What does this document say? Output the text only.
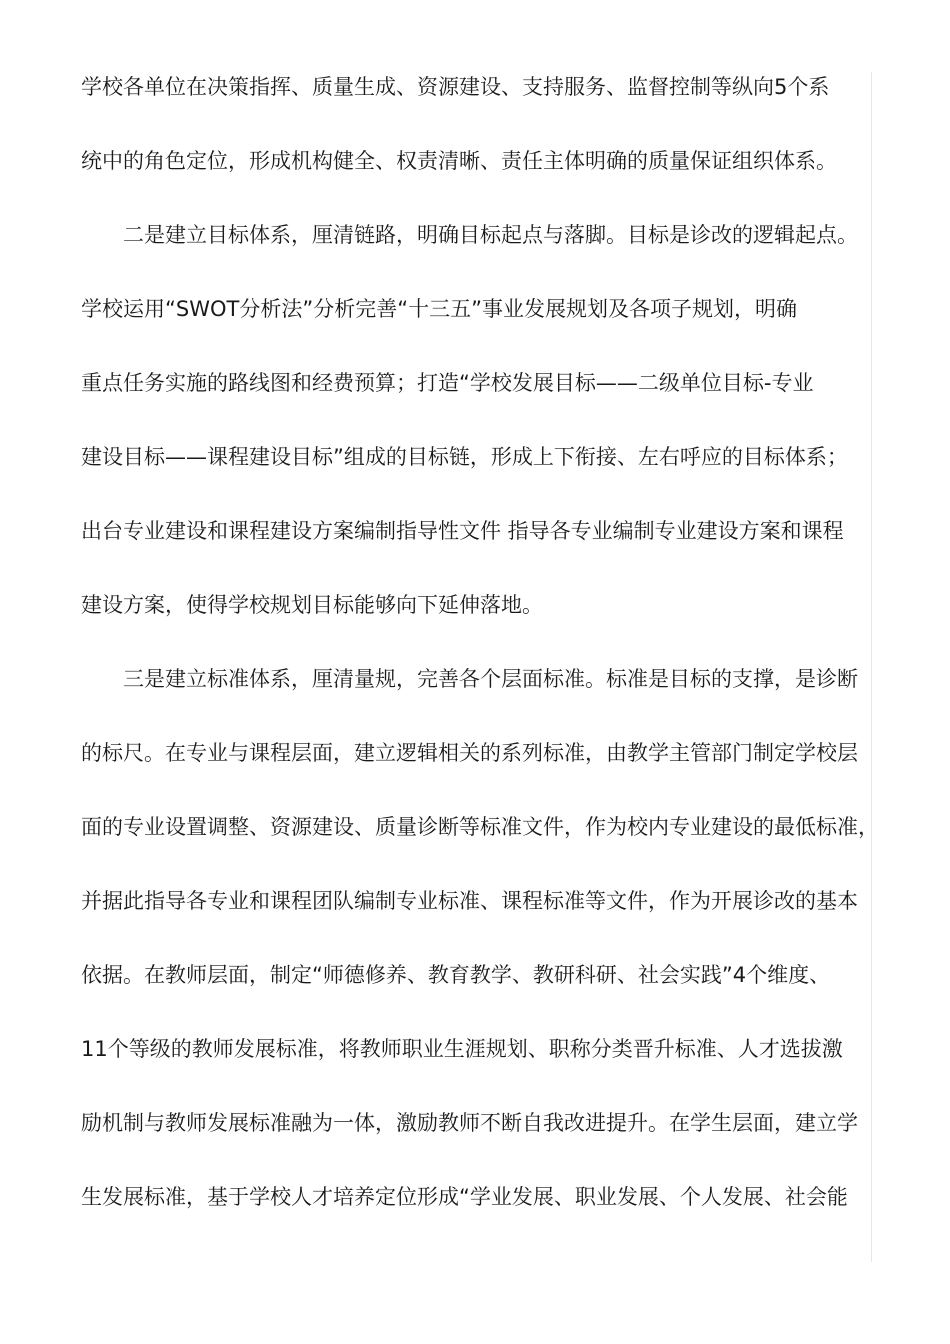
学校各单位在决策指挥、质量生成、资源建设、支持服务、监督控制等纵向5个系
统中的角色定位，形成机构健全、权责清晰、责任主体明确的质量保证组织体系。
二是建立目标体系，厘清链路，明确目标起点与落脚。目标是诊改的逻辑起点。
学校运用“SWOT分析法”分析完善“十三五”事业发展规划及各项子规划，明确
重点任务实施的路线图和经费预算；打造“学校发展目标——二级单位目标-专业
建设目标——课程建设目标”组成的目标链，形成上下衔接、左右呼应的目标体系；
出台专业建设和课程建设方案编制指导性文件 指导各专业编制专业建设方案和课程
建设方案，使得学校规划目标能够向下延伸落地。
三是建立标准体系，厘清量规，完善各个层面标准。标准是目标的支撑，是诊断
的标尺。在专业与课程层面，建立逻辑相关的系列标准，由教学主管部门制定学校层
面的专业设置调整、资源建设、质量诊断等标准文件，作为校内专业建设的最低标准，
并据此指导各专业和课程团队编制专业标准、课程标准等文件，作为开展诊改的基本
依据。在教师层面，制定“师德修养、教育教学、教研科研、社会实践”4个维度、
11个等级的教师发展标准，将教师职业生涯规划、职称分类晋升标准、人才选拔激
励机制与教师发展标准融为一体，激励教师不断自我改进提升。在学生层面，建立学
生发展标准，基于学校人才培养定位形成“学业发展、职业发展、个人发展、社会能
